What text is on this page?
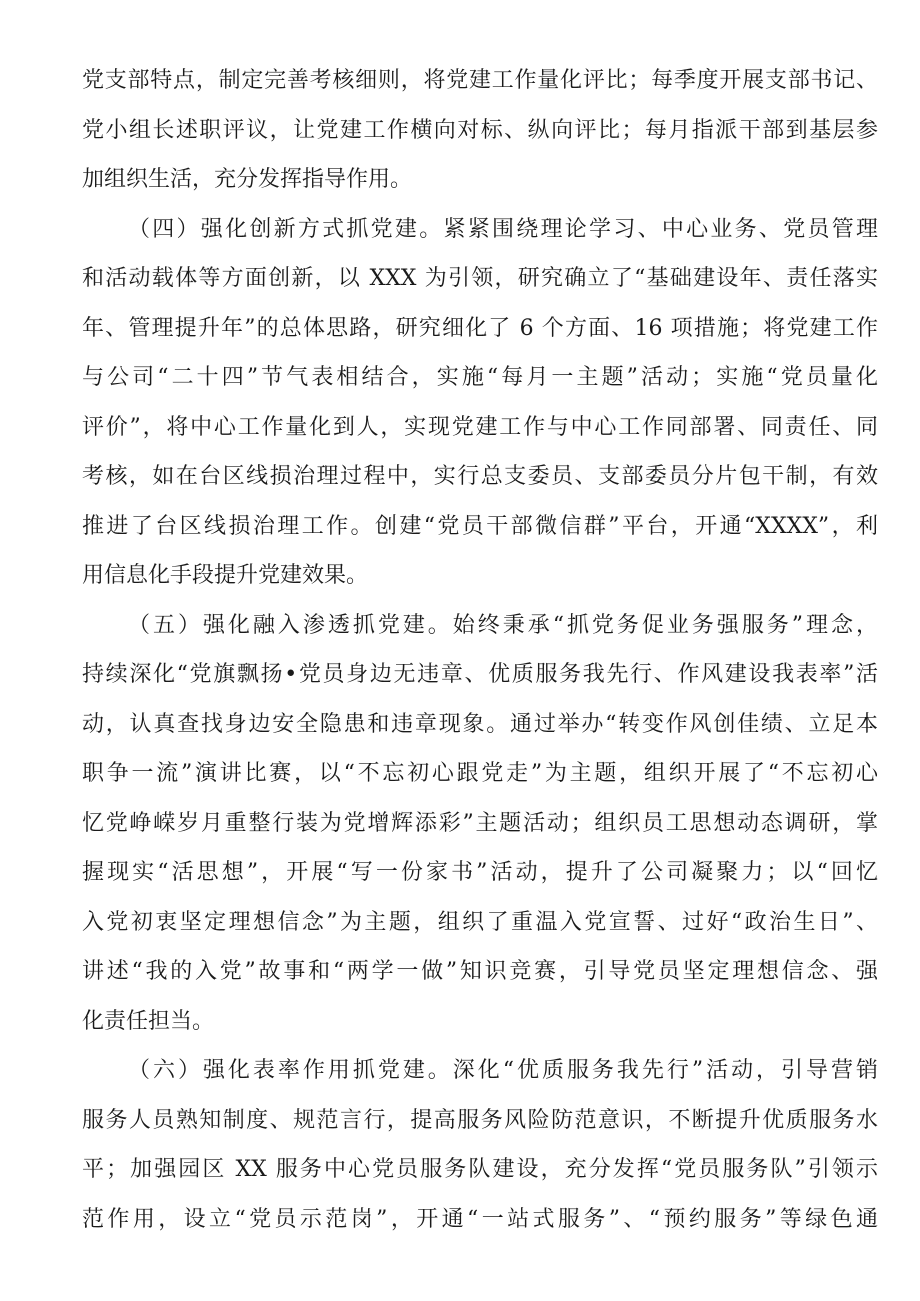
党支部特点，制定完善考核细则，将党建工作量化评比；每季度开展支部书记、
党小组长述职评议，让党建工作横向对标、纵向评比；每月指派干部到基层参
加组织生活，充分发挥指导作用。
（四）强化创新方式抓党建。紧紧围绕理论学习、中心业务、党员管理
和活动载体等方面创新，以 XXX 为引领，研究确立了“基础建设年、责任落实
年、管理提升年”的总体思路，研究细化了 6 个方面、16 项措施；将党建工作
与公司“二十四”节气表相结合，实施“每月一主题”活动；实施“党员量化
评价”，将中心工作量化到人，实现党建工作与中心工作同部署、同责任、同
考核，如在台区线损治理过程中，实行总支委员、支部委员分片包干制，有效
推进了台区线损治理工作。创建“党员干部微信群”平台，开通“XXXX”，利
用信息化手段提升党建效果。
（五）强化融入渗透抓党建。始终秉承“抓党务促业务强服务”理念，
持续深化“党旗飘扬•党员身边无违章、优质服务我先行、作风建设我表率”活
动，认真查找身边安全隐患和违章现象。通过举办“转变作风创佳绩、立足本
职争一流”演讲比赛，以“不忘初心跟党走”为主题，组织开展了“不忘初心
忆党峥嵘岁月重整行装为党增辉添彩”主题活动；组织员工思想动态调研，掌
握现实“活思想”，开展“写一份家书”活动，提升了公司凝聚力；以“回忆
入党初衷坚定理想信念”为主题，组织了重温入党宣誓、过好“政治生日”、
讲述“我的入党”故事和“两学一做”知识竞赛，引导党员坚定理想信念、强
化责任担当。
（六）强化表率作用抓党建。深化“优质服务我先行”活动，引导营销
服务人员熟知制度、规范言行，提高服务风险防范意识，不断提升优质服务水
平；加强园区 XX 服务中心党员服务队建设，充分发挥“党员服务队”引领示
范作用，设立“党员示范岗”，开通“一站式服务”、“预约服务”等绿色通
